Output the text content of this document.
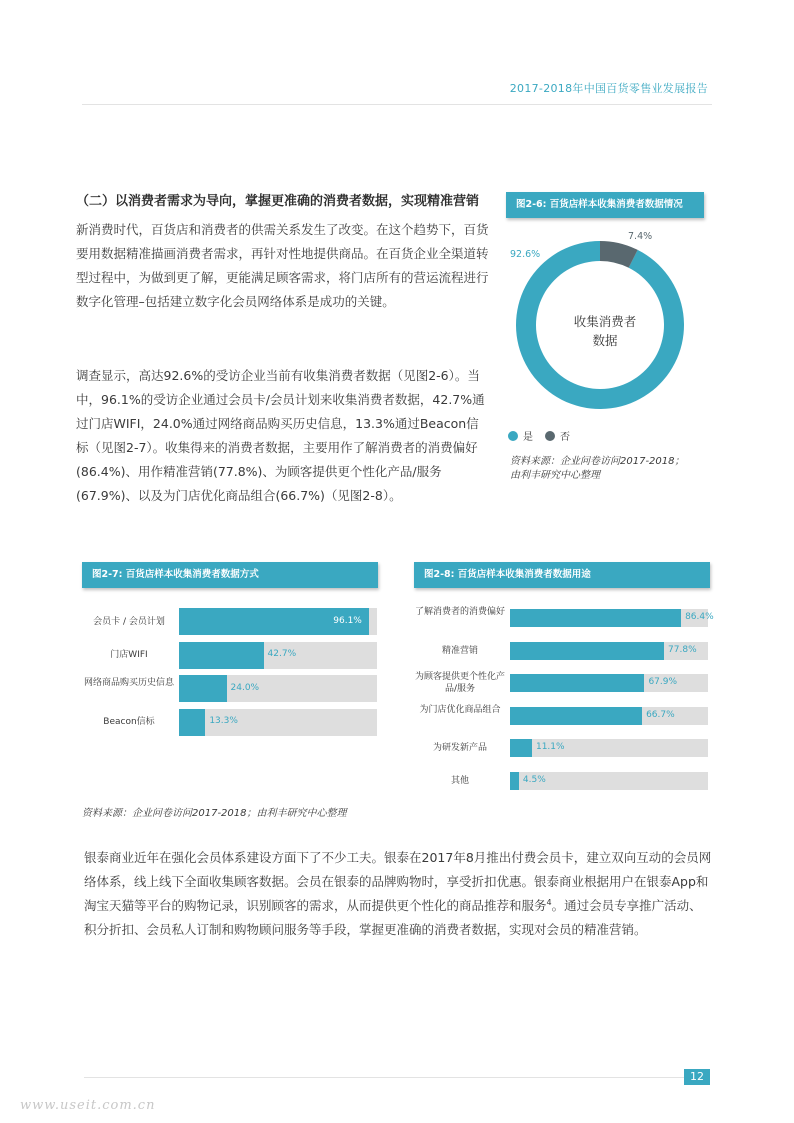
2017-2018年中国百货零售业发展报告
（二）以消费者需求为导向，掌握更准确的消费者数据，实现精准营销

新消费时代，百货店和消费者的供需关系发生了改变。在这个趋势下，百货要用数据精准描画消费者需求，再针对性地提供商品。在百货企业全渠道转型过程中，为做到更了解，更能满足顾客需求，将门店所有的营运流程进行数字化管理–包括建立数字化会员网络体系是成功的关键。

调查显示，高达92.6%的受访企业当前有收集消费者数据（见图2-6）。当中，96.1%的受访企业通过会员卡/会员计划来收集消费者数据，42.7%通过门店WIFI，24.0%通过网络商品购买历史信息，13.3%通过Beacon信标（见图2-7）。收集得来的消费者数据，主要用作了解消费者的消费偏好(86.4%)、用作精准营销(77.8%)、为顾客提供更个性化产品/服务(67.9%)、以及为门店优化商品组合(66.7%)（见图2-8）。

图2-6: 百货店样本收集消费者数据情况
收集消费者
数据
92.6%
7.4%
是	否
资料来源：企业问卷访问2017-2018；
由利丰研究中心整理
图2-7: 百货店样本收集消费者数据方式
会员卡 / 会员计划	96.1%
门店WIFI	42.7%
网络商品购买历史信息	24.0%
Beacon信标	13.3%
图2-8: 百货店样本收集消费者数据用途
了解消费者的消费偏好	86.4%
精准营销	77.8%
为顾客提供更个性化产品/服务
67.9%
为门店优化商品组合	66.7%
为研发新产品	11.1%
其他	4.5%
资料来源：企业问卷访问2017-2018；由利丰研究中心整理

银泰商业近年在强化会员体系建设方面下了不少工夫。银泰在2017年8月推出付费会员卡，建立双向互动的会员网络体系，线上线下全面收集顾客数据。会员在银泰的品牌购物时，享受折扣优惠。银泰商业根据用户在银泰App和淘宝天猫等平台的购物记录，识别顾客的需求，从而提供更个性化的商品推荐和服务$^4$。通过会员专享推广活动、积分折扣、会员私人订制和购物顾问服务等手段，掌握更准确的消费者数据，实现对会员的精准营销。

12
www.useit.com.cn
